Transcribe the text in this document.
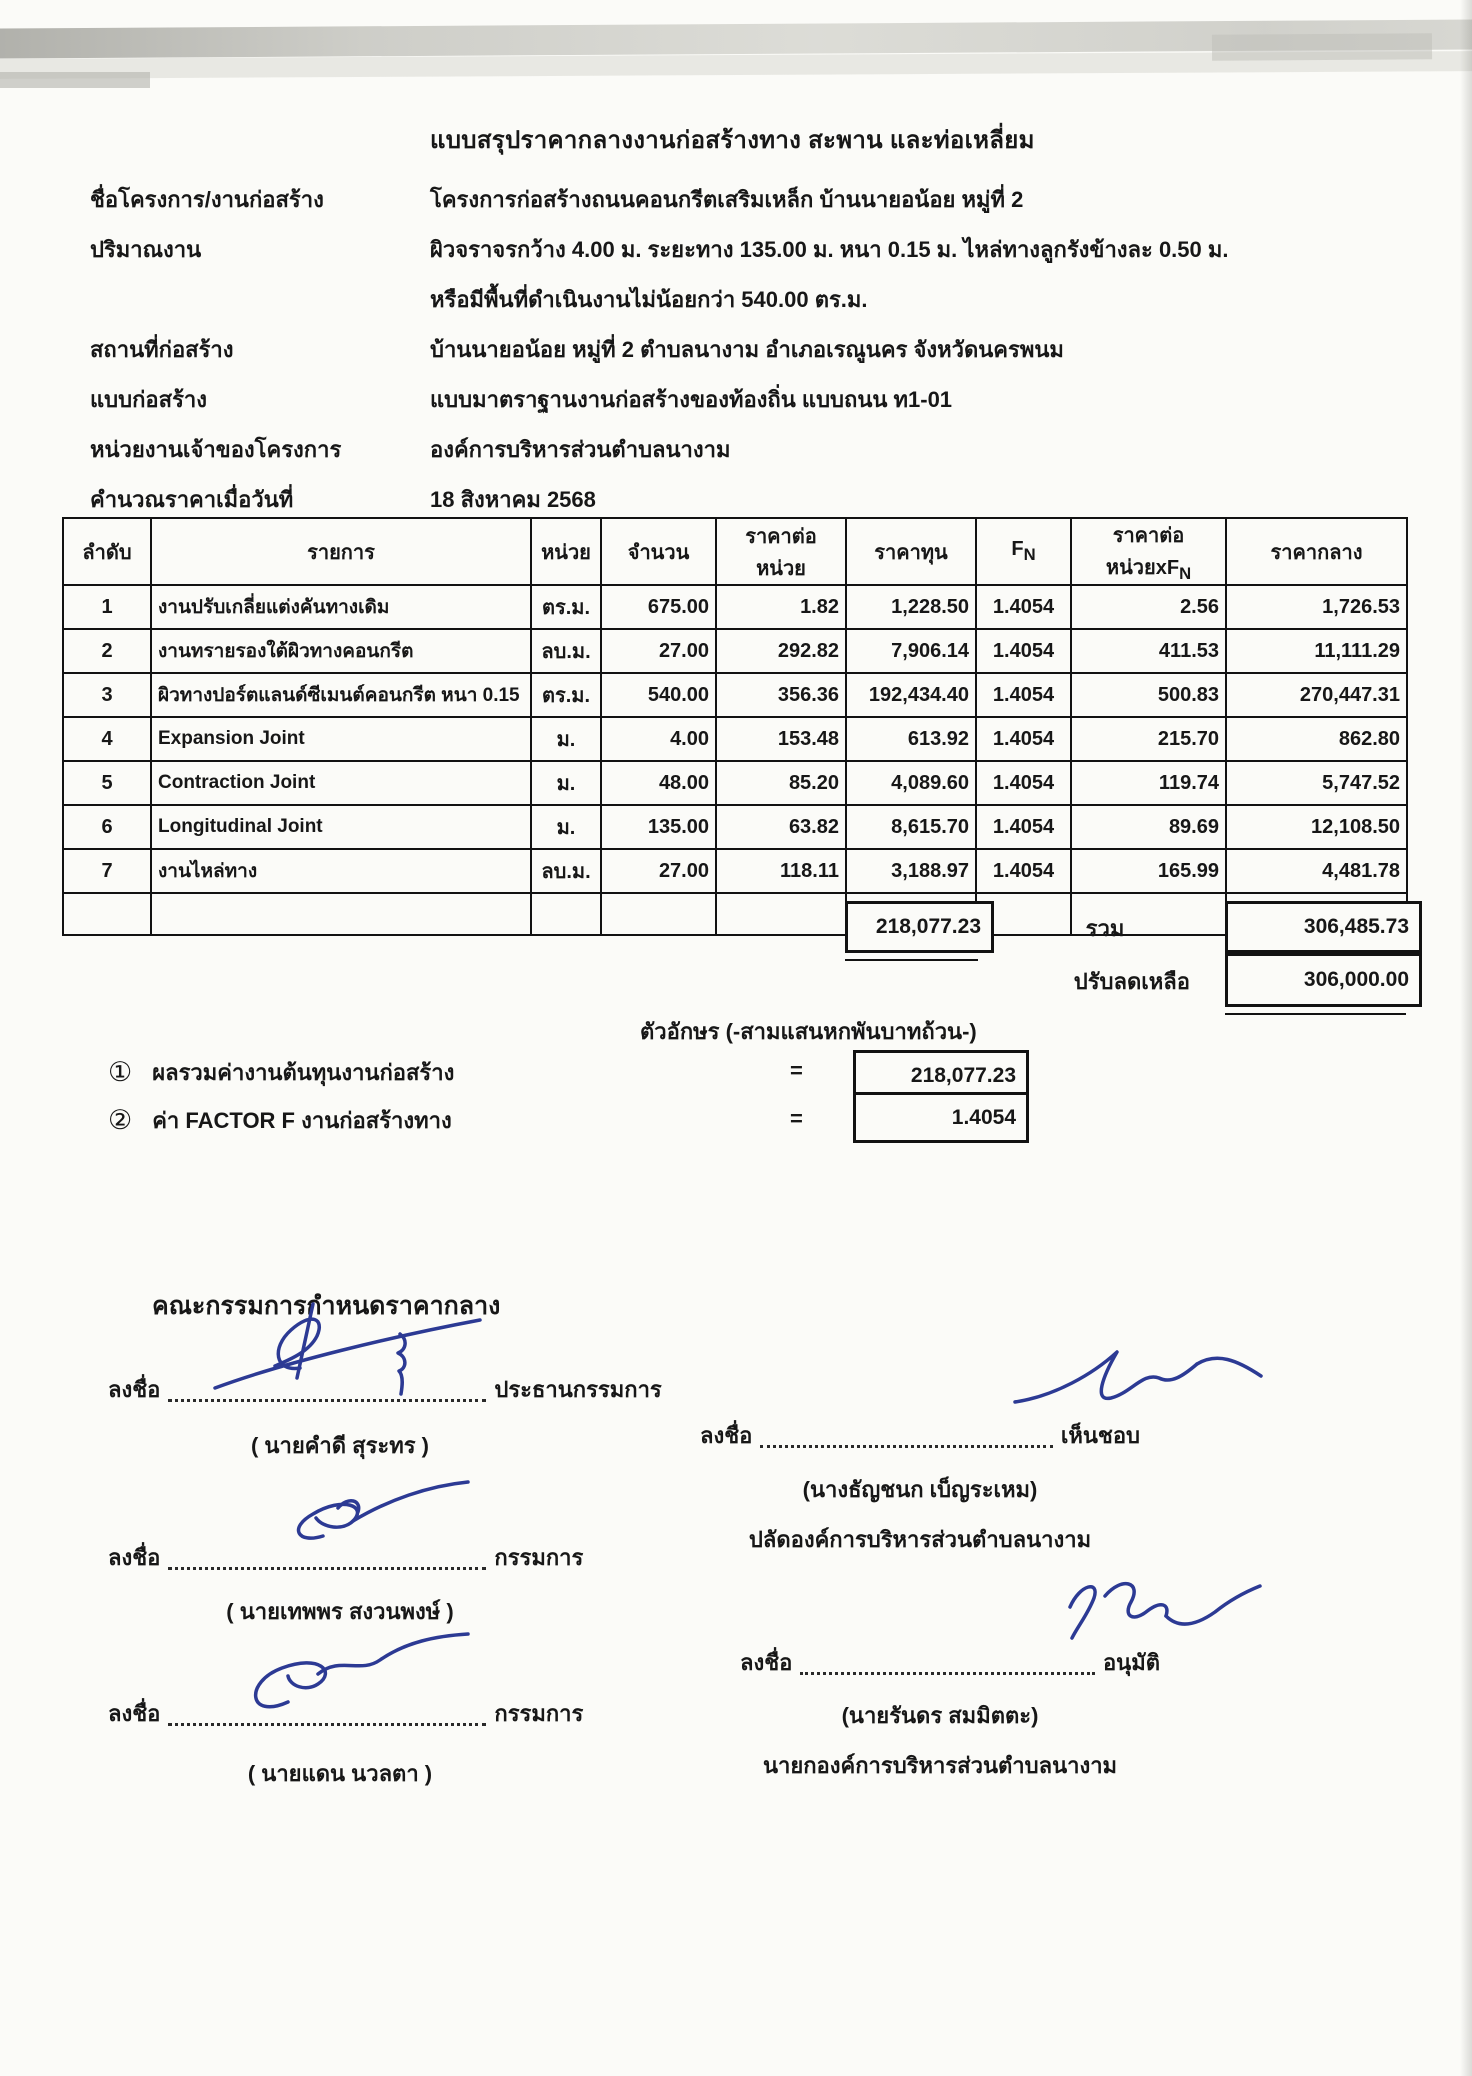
แบบสรุปราคากลางงานก่อสร้างทาง สะพาน และท่อเหลี่ยม
ชื่อโครงการ/งานก่อสร้าง	โครงการก่อสร้างถนนคอนกรีตเสริมเหล็ก บ้านนายอน้อย หมู่ที่ 2
ปริมาณงาน	ผิวจราจรกว้าง 4.00 ม. ระยะทาง 135.00 ม. หนา 0.15 ม. ไหล่ทางลูกรังข้างละ 0.50 ม.
หรือมีพื้นที่ดำเนินงานไม่น้อยกว่า 540.00 ตร.ม.
สถานที่ก่อสร้าง	บ้านนายอน้อย หมู่ที่ 2 ตำบลนางาม อำเภอเรณูนคร จังหวัดนครพนม
แบบก่อสร้าง	แบบมาตราฐานงานก่อสร้างของท้องถิ่น แบบถนน ท1-01
หน่วยงานเจ้าของโครงการ	องค์การบริหารส่วนตำบลนางาม
คำนวณราคาเมื่อวันที่	18 สิงหาคม 2568
ลำดับ	รายการ	หน่วย	จำนวน	ราคาต่อหน่วย	ราคาทุน	$F_N$	ราคาต่อหน่วย$xF_N$	ราคากลาง
1	งานปรับเกลี่ยแต่งคันทางเดิม	ตร.ม.	675.00	1.82	1,228.50	1.4054	2.56	1,726.53
2	งานทรายรองใต้ผิวทางคอนกรีต	ลบ.ม.	27.00	292.82	7,906.14	1.4054	411.53	11,111.29
3	ผิวทางปอร์ตแลนด์ซีเมนต์คอนกรีต หนา 0.15	ตร.ม.	540.00	356.36	192,434.40	1.4054	500.83	270,447.31
4	Expansion Joint	ม.	4.00	153.48	613.92	1.4054	215.70	862.80
5	Contraction Joint	ม.	48.00	85.20	4,089.60	1.4054	119.74	5,747.52
6	Longitudinal Joint	ม.	135.00	63.82	8,615.70	1.4054	89.69	12,108.50
7	งานไหล่ทาง	ลบ.ม.	27.00	118.11	3,188.97	1.4054	165.99	4,481.78

218,077.23	รวม	306,485.73
ปรับลดเหลือ	306,000.00
ตัวอักษร (-สามแสนหกพันบาทถ้วน-)
① ผลรวมค่างานต้นทุนงานก่อสร้าง	=	218,077.23
② ค่า FACTOR F งานก่อสร้างทาง	=	1.4054
คณะกรรมการกำหนดราคากลาง
ลงชื่อ	ประธานกรรมการ
( นายคำดี สุระทร )
ลงชื่อ	กรรมการ
( นายเทพพร สงวนพงษ์ )
ลงชื่อ	กรรมการ
( นายแดน นวลตา )
ลงชื่อ	เห็นชอบ
(นางธัญชนก เบ็ญระเหม)
ปลัดองค์การบริหารส่วนตำบลนางาม
ลงชื่อ	อนุมัติ
(นายรันดร สมมิตตะ)
นายกองค์การบริหารส่วนตำบลนางาม
